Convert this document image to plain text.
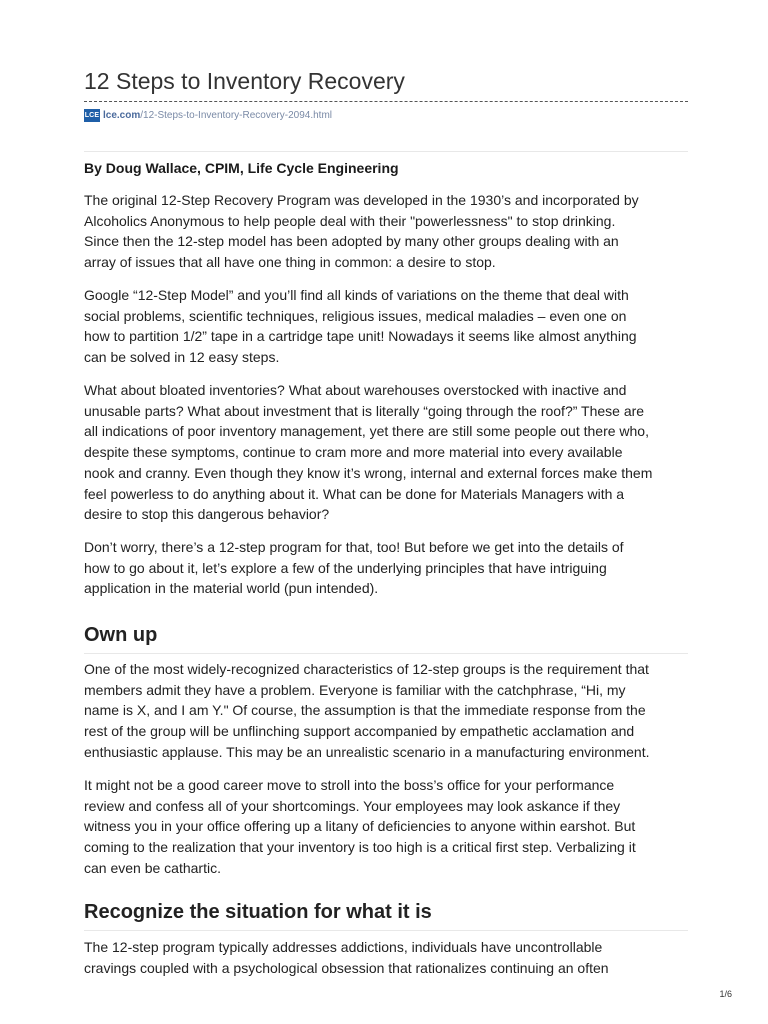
12 Steps to Inventory Recovery
LCE lce.com/12-Steps-to-Inventory-Recovery-2094.html

By Doug Wallace, CPIM, Life Cycle Engineering

The original 12-Step Recovery Program was developed in the 1930’s and incorporated by
Alcoholics Anonymous to help people deal with their "powerlessness" to stop drinking.
Since then the 12-step model has been adopted by many other groups dealing with an
array of issues that all have one thing in common: a desire to stop.

Google “12-Step Model” and you’ll find all kinds of variations on the theme that deal with
social problems, scientific techniques, religious issues, medical maladies – even one on
how to partition 1/2” tape in a cartridge tape unit! Nowadays it seems like almost anything
can be solved in 12 easy steps.

What about bloated inventories? What about warehouses overstocked with inactive and
unusable parts? What about investment that is literally “going through the roof?” These are
all indications of poor inventory management, yet there are still some people out there who,
despite these symptoms, continue to cram more and more material into every available
nook and cranny. Even though they know it’s wrong, internal and external forces make them
feel powerless to do anything about it. What can be done for Materials Managers with a
desire to stop this dangerous behavior?

Don’t worry, there’s a 12-step program for that, too! But before we get into the details of
how to go about it, let’s explore a few of the underlying principles that have intriguing
application in the material world (pun intended).

Own up

One of the most widely-recognized characteristics of 12-step groups is the requirement that
members admit they have a problem. Everyone is familiar with the catchphrase, “Hi, my
name is X, and I am Y." Of course, the assumption is that the immediate response from the
rest of the group will be unflinching support accompanied by empathetic acclamation and
enthusiastic applause. This may be an unrealistic scenario in a manufacturing environment.

It might not be a good career move to stroll into the boss’s office for your performance
review and confess all of your shortcomings. Your employees may look askance if they
witness you in your office offering up a litany of deficiencies to anyone within earshot. But
coming to the realization that your inventory is too high is a critical first step. Verbalizing it
can even be cathartic.

Recognize the situation for what it is

The 12-step program typically addresses addictions, individuals have uncontrollable
cravings coupled with a psychological obsession that rationalizes continuing an often

1/6
